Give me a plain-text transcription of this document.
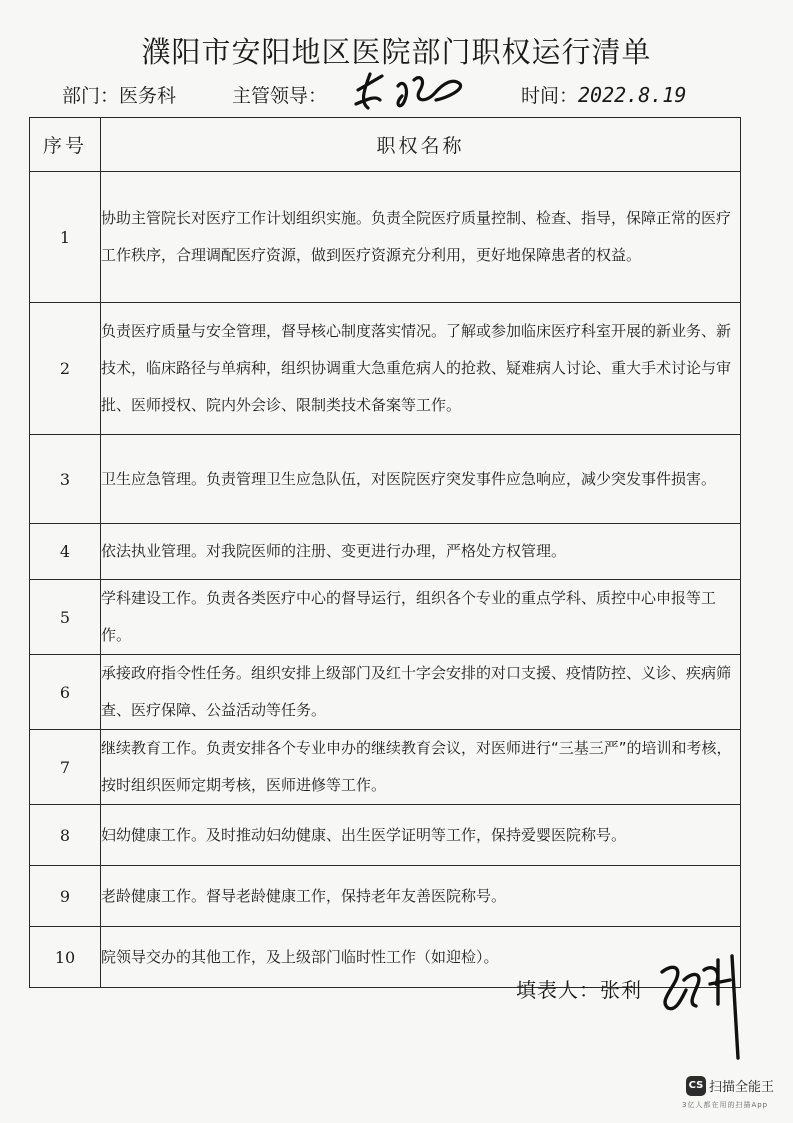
濮阳市安阳地区医院部门职权运行清单
部门：医务科	主管领导：	时间：2022.8.19
序号	职权名称
1	协助主管院长对医疗工作计划组织实施。负责全院医疗质量控制、检查、指导，保障正常的医疗工作秩序，合理调配医疗资源，做到医疗资源充分利用，更好地保障患者的权益。
2	负责医疗质量与安全管理，督导核心制度落实情况。了解或参加临床医疗科室开展的新业务、新技术，临床路径与单病种，组织协调重大急重危病人的抢救、疑难病人讨论、重大手术讨论与审批、医师授权、院内外会诊、限制类技术备案等工作。
3	卫生应急管理。负责管理卫生应急队伍，对医院医疗突发事件应急响应，减少突发事件损害。
4	依法执业管理。对我院医师的注册、变更进行办理，严格处方权管理。
5	学科建设工作。负责各类医疗中心的督导运行，组织各个专业的重点学科、质控中心申报等工作。
6	承接政府指令性任务。组织安排上级部门及红十字会安排的对口支援、疫情防控、义诊、疾病筛查、医疗保障、公益活动等任务。
7	继续教育工作。负责安排各个专业申办的继续教育会议，对医师进行“三基三严”的培训和考核，按时组织医师定期考核，医师进修等工作。
8	妇幼健康工作。及时推动妇幼健康、出生医学证明等工作，保持爱婴医院称号。
9	老龄健康工作。督导老龄健康工作，保持老年友善医院称号。
10	院领导交办的其他工作，及上级部门临时性工作（如迎检）。
填表人：张利
CS 扫描全能王
3亿人都在用的扫描App
